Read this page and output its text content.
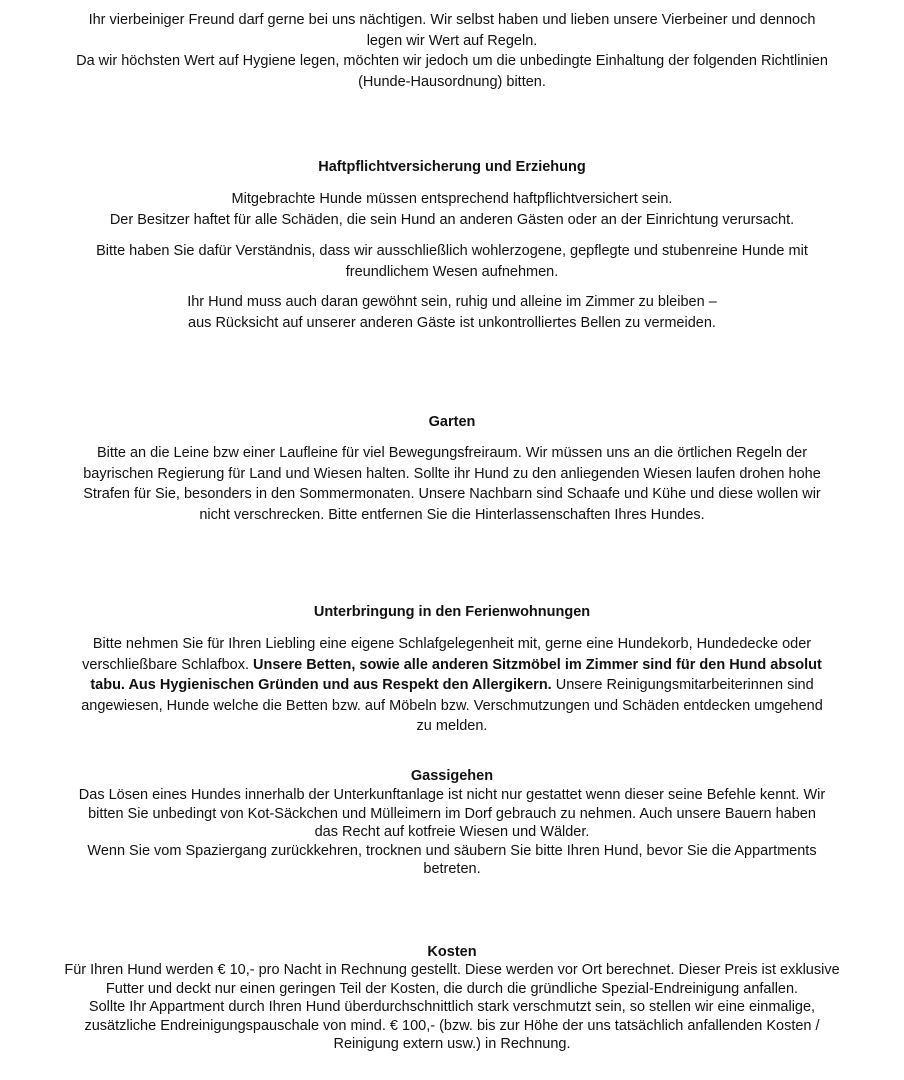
Ihr vierbeiniger Freund darf gerne bei uns nächtigen. Wir selbst haben und lieben unsere Vierbeiner und dennoch
legen wir Wert auf Regeln.
Da wir höchsten Wert auf Hygiene legen, möchten wir jedoch um die unbedingte Einhaltung der folgenden Richtlinien
(Hunde-Hausordnung) bitten.
Haftpflichtversicherung und Erziehung
Mitgebrachte Hunde müssen entsprechend haftpflichtversichert sein.
Der Besitzer haftet für alle Schäden, die sein Hund an anderen Gästen oder an der Einrichtung verursacht.
Bitte haben Sie dafür Verständnis, dass wir ausschließlich wohlerzogene, gepflegte und stubenreine Hunde mit
freundlichem Wesen aufnehmen.
Ihr Hund muss auch daran gewöhnt sein, ruhig und alleine im Zimmer zu bleiben –
aus Rücksicht auf unserer anderen Gäste ist unkontrolliertes Bellen zu vermeiden.
Garten
Bitte an die Leine bzw einer Laufleine für viel Bewegungsfreiraum. Wir müssen uns an die örtlichen Regeln der
bayrischen Regierung für Land und Wiesen halten. Sollte ihr Hund zu den anliegenden Wiesen laufen drohen hohe
Strafen für Sie, besonders in den Sommermonaten. Unsere Nachbarn sind Schaafe und Kühe und diese wollen wir
nicht verschrecken. Bitte entfernen Sie die Hinterlassenschaften Ihres Hundes.
Unterbringung in den Ferienwohnungen
Bitte nehmen Sie für Ihren Liebling eine eigene Schlafgelegenheit mit, gerne eine Hundekorb, Hundedecke oder
verschließbare Schlafbox. Unsere Betten, sowie alle anderen Sitzmöbel im Zimmer sind für den Hund absolut
tabu. Aus Hygienischen Gründen und aus Respekt den Allergikern. Unsere Reinigungsmitarbeiterinnen sind
angewiesen, Hunde welche die Betten bzw. auf Möbeln bzw. Verschmutzungen und Schäden entdecken umgehend
zu melden.
Gassigehen
Das Lösen eines Hundes innerhalb der Unterkunftanlage ist nicht nur gestattet wenn dieser seine Befehle kennt. Wir
bitten Sie unbedingt von Kot-Säckchen und Mülleimern im Dorf gebrauch zu nehmen. Auch unsere Bauern haben
das Recht auf kotfreie Wiesen und Wälder.
Wenn Sie vom Spaziergang zurückkehren, trocknen und säubern Sie bitte Ihren Hund, bevor Sie die Appartments
betreten.
Kosten
Für Ihren Hund werden € 10,- pro Nacht in Rechnung gestellt. Diese werden vor Ort berechnet. Dieser Preis ist exklusive
Futter und deckt nur einen geringen Teil der Kosten, die durch die gründliche Spezial-Endreinigung anfallen.
Sollte Ihr Appartment durch Ihren Hund überdurchschnittlich stark verschmutzt sein, so stellen wir eine einmalige,
zusätzliche Endreinigungspauschale von mind. € 100,- (bzw. bis zur Höhe der uns tatsächlich anfallenden Kosten /
Reinigung extern usw.) in Rechnung.
